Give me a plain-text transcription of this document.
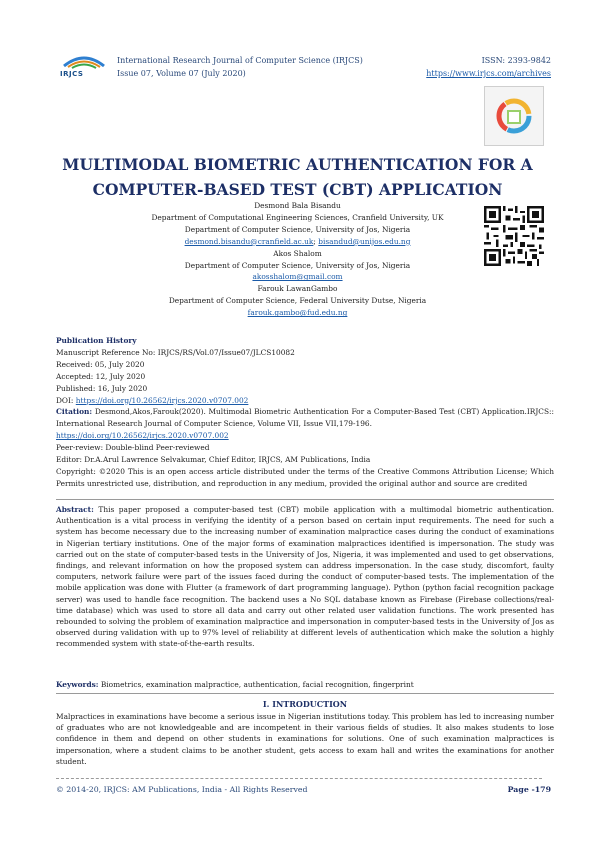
IRJCS
International Research Journal of Computer Science (IRJCS)
Issue 07, Volume 07 (July 2020)
ISSN: 2393-9842
https://www.irjcs.com/archives
MULTIMODAL BIOMETRIC AUTHENTICATION FOR A
COMPUTER-BASED TEST (CBT) APPLICATION
Desmond Bala Bisandu
Department of Computational Engineering Sciences, Cranfield University, UK
Department of Computer Science, University of Jos, Nigeria
desmond.bisandu@cranfield.ac.uk; bisandud@unijos.edu.ng
Akos Shalom
Department of Computer Science, University of Jos, Nigeria
akosshalom@gmail.com
Farouk LawanGambo
Department of Computer Science, Federal University Dutse, Nigeria
farouk.gambo@fud.edu.ng
Publication History
Manuscript Reference No: IRJCS/RS/Vol.07/Issue07/JLCS10082
Received: 05, July 2020
Accepted: 12, July 2020
Published: 16, July 2020
DOI: https://doi.org/10.26562/irjcs.2020.v0707.002
Citation: Desmond,Akos,Farouk(2020). Multimodal Biometric Authentication For a Computer-Based Test (CBT) Application.IRJCS:: International Research Journal of Computer Science, Volume VII, Issue VII,179-196.
https://doi.org/10.26562/irjcs.2020.v0707.002
Peer-review: Double-blind Peer-reviewed
Editor: Dr.A.Arul Lawrence Selvakumar, Chief Editor, IRJCS, AM Publications, India
Copyright: ©2020 This is an open access article distributed under the terms of the Creative Commons Attribution License; Which Permits unrestricted use, distribution, and reproduction in any medium, provided the original author and source are credited
Abstract: This paper proposed a computer-based test (CBT) mobile application with a multimodal biometric authentication. Authentication is a vital process in verifying the identity of a person based on certain input requirements. The need for such a system has become necessary due to the increasing number of examination malpractice cases during the conduct of examinations in Nigerian tertiary institutions. One of the major forms of examination malpractices identified is impersonation. The study was carried out on the state of computer-based tests in the University of Jos, Nigeria, it was implemented and used to get observations, findings, and relevant information on how the proposed system can address impersonation. In the case study, discomfort, faulty computers, network failure were part of the issues faced during the conduct of computer-based tests. The implementation of the mobile application was done with Flutter (a framework of dart programming language). Python (python facial recognition package server) was used to handle face recognition. The backend uses a No SQL database known as Firebase (Firebase collections/real-time database) which was used to store all data and carry out other related user validation functions. The work presented has rebounded to solving the problem of examination malpractice and impersonation in computer-based tests in the University of Jos as observed during validation with up to 97% level of reliability at different levels of authentication which make the solution a highly recommended system with state-of-the-earth results.
Keywords: Biometrics, examination malpractice, authentication, facial recognition, fingerprint
I. INTRODUCTION
Malpractices in examinations have become a serious issue in Nigerian institutions today. This problem has led to increasing number of graduates who are not knowledgeable and are incompetent in their various fields of studies. It also makes students to lose confidence in them and depend on other students in examinations for solutions. One of such examination malpractices is impersonation, where a student claims to be another student, gets access to exam hall and writes the examinations for another student.
© 2014-20, IRJCS: AM Publications, India - All Rights Reserved	Page -179
